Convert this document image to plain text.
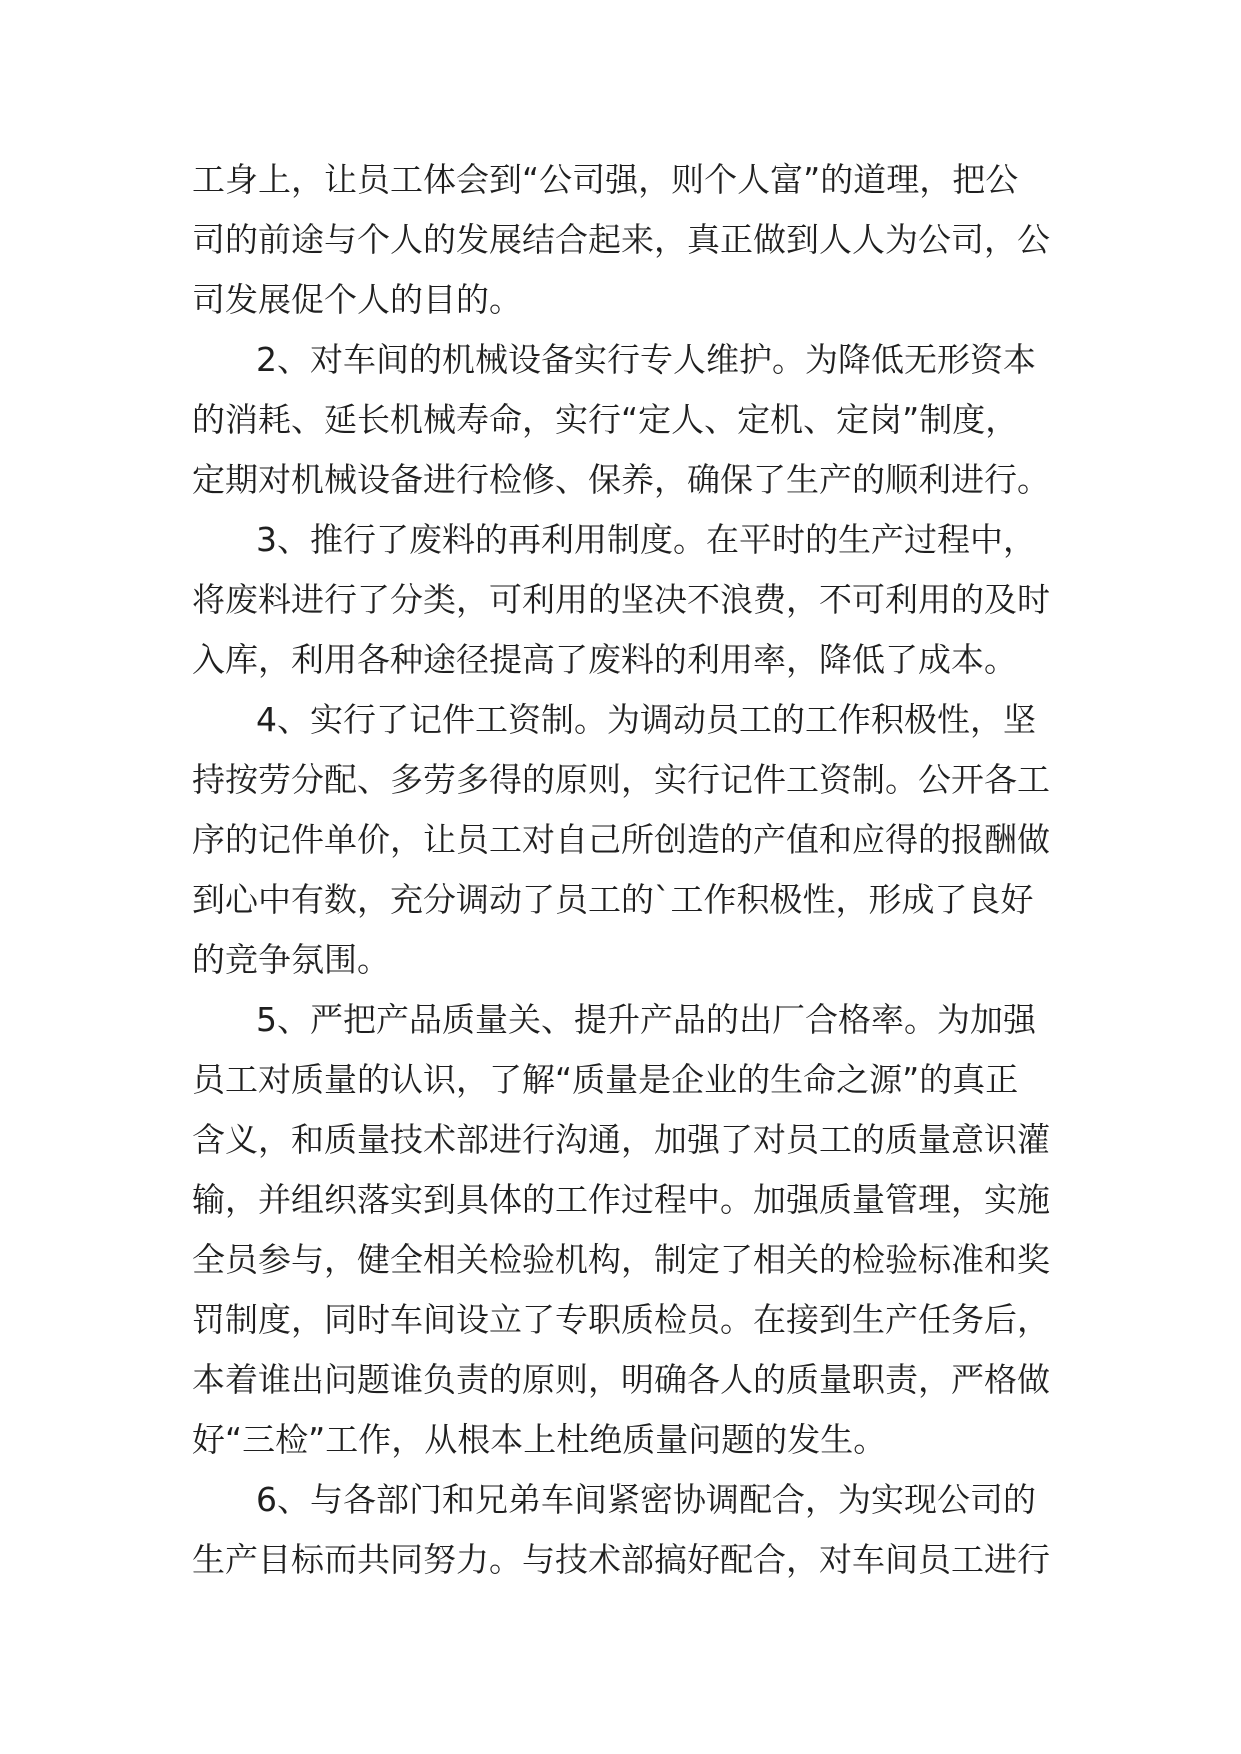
工身上，让员工体会到“公司强，则个人富”的道理，把公
司的前途与个人的发展结合起来，真正做到人人为公司，公
司发展促个人的目的。
2、对车间的机械设备实行专人维护。为降低无形资本
的消耗、延长机械寿命，实行“定人、定机、定岗”制度，
定期对机械设备进行检修、保养，确保了生产的顺利进行。
3、推行了废料的再利用制度。在平时的生产过程中，
将废料进行了分类，可利用的坚决不浪费，不可利用的及时
入库，利用各种途径提高了废料的利用率，降低了成本。
4、实行了记件工资制。为调动员工的工作积极性，坚
持按劳分配、多劳多得的原则，实行记件工资制。公开各工
序的记件单价，让员工对自己所创造的产值和应得的报酬做
到心中有数，充分调动了员工的`工作积极性，形成了良好
的竞争氛围。
5、严把产品质量关、提升产品的出厂合格率。为加强
员工对质量的认识，了解“质量是企业的生命之源”的真正
含义，和质量技术部进行沟通，加强了对员工的质量意识灌
输，并组织落实到具体的工作过程中。加强质量管理，实施
全员参与，健全相关检验机构，制定了相关的检验标准和奖
罚制度，同时车间设立了专职质检员。在接到生产任务后，
本着谁出问题谁负责的原则，明确各人的质量职责，严格做
好“三检”工作，从根本上杜绝质量问题的发生。
6、与各部门和兄弟车间紧密协调配合，为实现公司的
生产目标而共同努力。与技术部搞好配合，对车间员工进行
